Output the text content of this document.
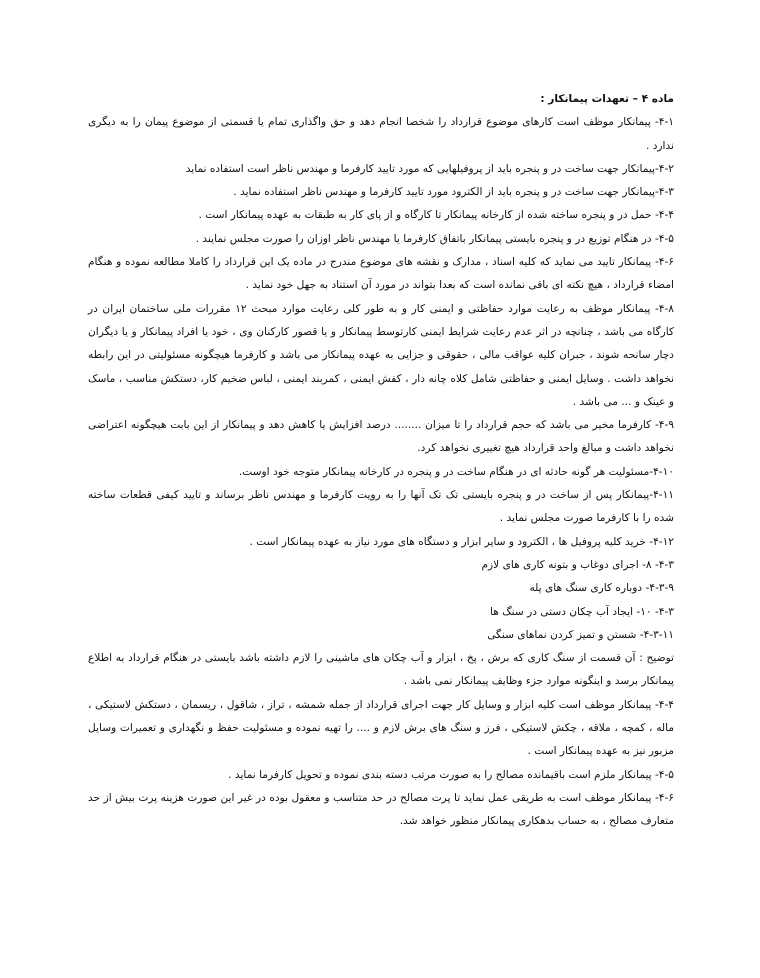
ماده ۴ – تعهدات پیمانکار :

۴-۱- پیمانکار موظف است کارهای موضوع قرارداد را شخصا انجام دهد و حق واگذاری تمام یا قسمتی از موضوع پیمان را به دیگری ندارد .

۴-۲-پیمانکار جهت ساخت در و پنجره باید از پروفیلهایی که مورد تایید کارفرما و مهندس ناظر است استفاده نماید

۴-۳-پیمانکار جهت ساخت در و پنجره باید از الکترود مورد تایید کارفرما و مهندس ناظر استفاده نماید .

۴-۴- حمل در و پنجره ساخته شده از کارخانه پیمانکار تا کارگاه و از پای کار به طبقات به عهده پیمانکار است .

۴-۵- در هنگام توزیع در و پنجره بایستی پیمانکار باتفاق کارفرما یا مهندس ناظر اوزان را صورت مجلس نمایند .

۴-۶- پیمانکار تایید می نماید که کلیه اسناد ، مدارک و نقشه های موضوع مندرج در ماده یک این قرارداد را کاملا مطالعه نموده و هنگام امضاء قرارداد ، هیچ نکته ای باقی نمانده است که بعدا بتواند در مورد آن استناد به جهل خود نماید .

۴-۸- پیمانکار موظف به رعایت موارد حفاظتی و ایمنی کار و به طور کلی رعایت موارد مبحث ۱۲ مقررات ملی ساختمان ایران در کارگاه می باشد ، چنانچه در اثر عدم رعایت شرایط ایمنی کارتوسط پیمانکار و یا قصور کارکنان وی ، خود یا افراد پیمانکار و یا دیگران دچار سانحه شوند ، جبران کلیه عواقب مالی ، حقوقی و جزایی به عهده پیمانکار می باشد و کارفرما هیچگونه مسئولیتی در این رابطه نخواهد داشت . وسایل ایمنی و حفاظتی شامل کلاه چانه دار ، کفش ایمنی ، کمربند ایمنی ، لباس ضخیم کار، دستکش مناسب ، ماسک و عینک و ... می باشد .

۴-۹- کارفرما مخیر می باشد که حجم قرارداد را تا میزان ........ درصد افزایش یا کاهش دهد و پیمانکار از این بابت هیچگونه اعتراضی نخواهد داشت و مبالغ واحد قرارداد هیچ تغییری نخواهد کرد.

۴-۱۰-مسئولیت هر گونه حادثه ای در هنگام ساخت در و پنجره در کارخانه پیمانکار متوجه خود اوست.

۴-۱۱-پیمانکار پس از ساخت در و پنجره بایستی تک تک آنها را به رویت کارفرما و مهندس ناظر برساند و تایید کیفی قطعات ساخته شده را با کارفرما صورت مجلس نماید .

۴-۱۲- خرید کلیه پروفیل ها ، الکترود و سایر ابزار و دستگاه های مورد نیاز به عهده پیمانکار است .

۴-۳- ۸- اجرای دوغاب و بتونه کاری های لازم

۴-۳-۹- دوباره کاری سنگ های پله

۴-۳- ۱۰- ایجاد آب چکان دستی در سنگ ها

۴-۳-۱۱- شستن و تمیز کردن نماهای سنگی

توضیح : آن قسمت از سنگ کاری که برش ، پخ ، ابزار و آب چکان های ماشینی را لازم داشته باشد بایستی در هنگام قرارداد به اطلاع پیمانکار برسد و اینگونه موارد جزء وظایف پیمانکار نمی باشد .

۴-۴- پیمانکار موظف است کلیه ابزار و وسایل کار جهت اجرای قرارداد از جمله شمشه ، تراز ، شاقول ، ریسمان ، دستکش لاستیکی ، ماله ، کمچه ، ملاقه ، چکش لاستیکی ، فرز و سنگ های برش لازم و .... را تهیه نموده و مسئولیت حفظ و نگهداری و تعمیرات وسایل مزبور نیز به عهده پیمانکار است .

۴-۵- پیمانکار ملزم است باقیمانده مصالح را به صورت مرتب دسته بندی نموده و تحویل کارفرما نماید .

۴-۶- پیمانکار موظف است به طریقی عمل نماید تا پرت مصالح در حد متناسب و معقول بوده در غیر این صورت هزینه پرت بیش از حد متعارف مصالح ، به حساب بدهکاری پیمانکار منظور خواهد شد.
